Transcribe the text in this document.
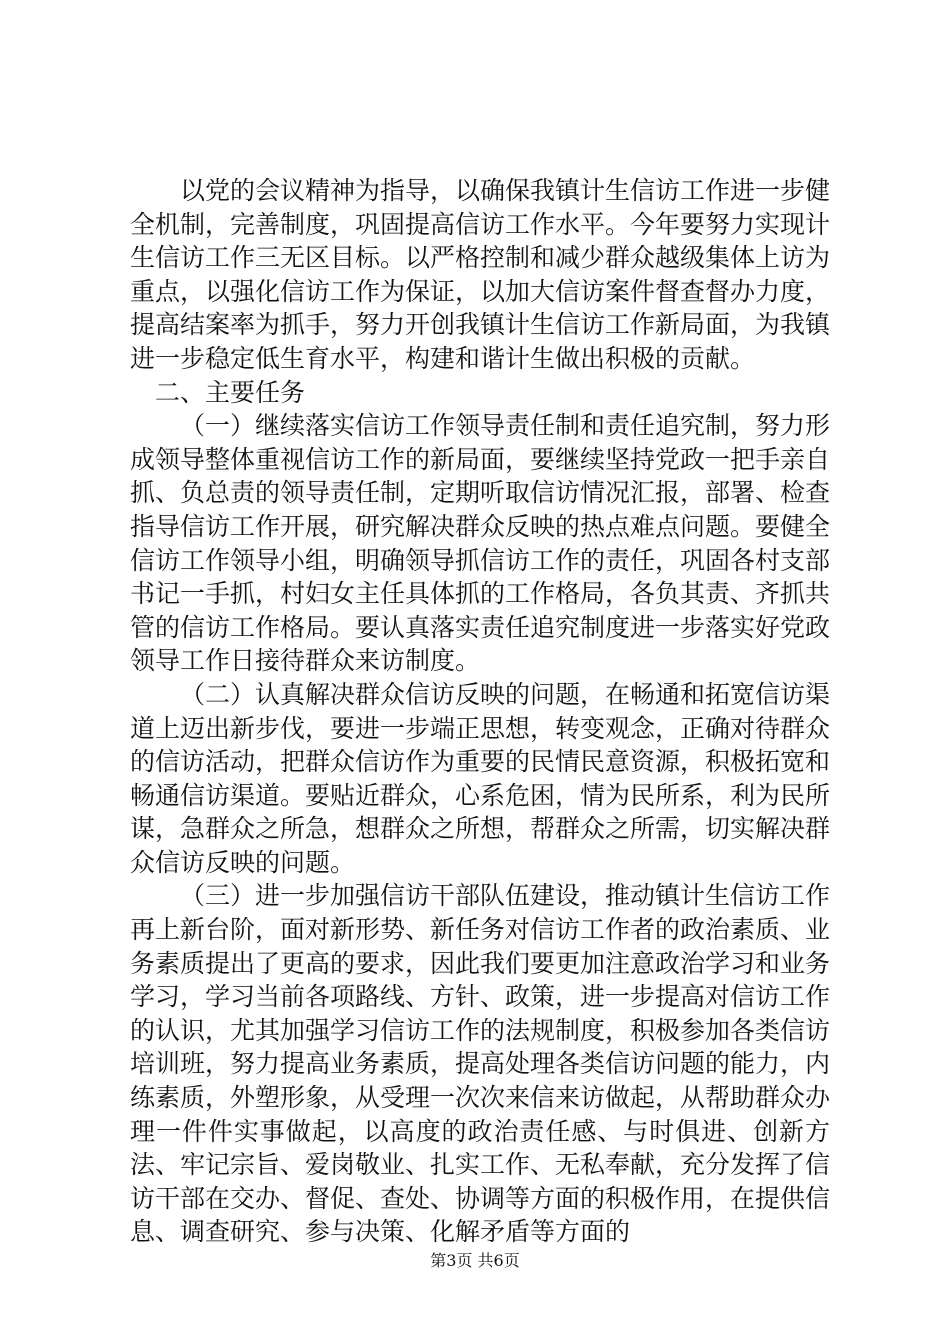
以党的会议精神为指导，以确保我镇计生信访工作进一步健全机制，完善制度，巩固提高信访工作水平。今年要努力实现计生信访工作三无区目标。以严格控制和减少群众越级集体上访为重点，以强化信访工作为保证，以加大信访案件督查督办力度，提高结案率为抓手，努力开创我镇计生信访工作新局面，为我镇进一步稳定低生育水平，构建和谐计生做出积极的贡献。

二、主要任务

（一）继续落实信访工作领导责任制和责任追究制，努力形成领导整体重视信访工作的新局面，要继续坚持党政一把手亲自抓、负总责的领导责任制，定期听取信访情况汇报，部署、检查指导信访工作开展，研究解决群众反映的热点难点问题。要健全信访工作领导小组，明确领导抓信访工作的责任，巩固各村支部书记一手抓，村妇女主任具体抓的工作格局，各负其责、齐抓共管的信访工作格局。要认真落实责任追究制度进一步落实好党政领导工作日接待群众来访制度。

（二）认真解决群众信访反映的问题，在畅通和拓宽信访渠道上迈出新步伐，要进一步端正思想，转变观念，正确对待群众的信访活动，把群众信访作为重要的民情民意资源，积极拓宽和畅通信访渠道。要贴近群众，心系危困，情为民所系，利为民所谋，急群众之所急，想群众之所想，帮群众之所需，切实解决群众信访反映的问题。

（三）进一步加强信访干部队伍建设，推动镇计生信访工作再上新台阶，面对新形势、新任务对信访工作者的政治素质、业务素质提出了更高的要求，因此我们要更加注意政治学习和业务学习，学习当前各项路线、方针、政策，进一步提高对信访工作的认识，尤其加强学习信访工作的法规制度，积极参加各类信访培训班，努力提高业务素质，提高处理各类信访问题的能力，内练素质，外塑形象，从受理一次次来信来访做起，从帮助群众办理一件件实事做起，以高度的政治责任感、与时俱进、创新方法、牢记宗旨、爱岗敬业、扎实工作、无私奉献，充分发挥了信访干部在交办、督促、查处、协调等方面的积极作用，在提供信息、调查研究、参与决策、化解矛盾等方面的

第3页 共6页
